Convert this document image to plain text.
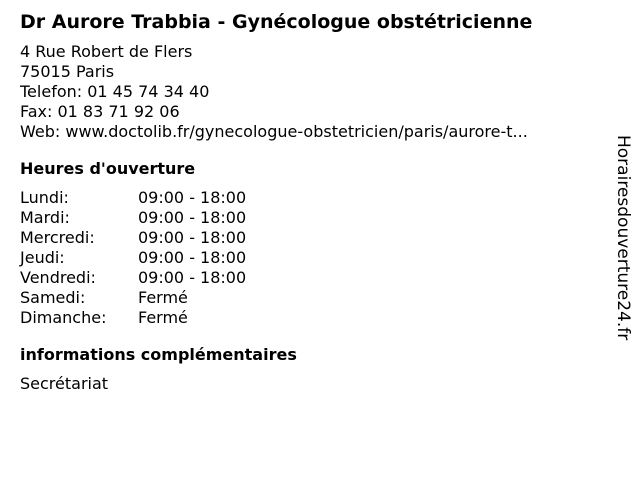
Dr Aurore Trabbia - Gynécologue obstétricienne
4 Rue Robert de Flers
75015 Paris
Telefon: 01 45 74 34 40
Fax: 01 83 71 92 06
Web: www.doctolib.fr/gynecologue-obstetricien/paris/aurore-t...
Heures d'ouverture
Lundi:	09:00 - 18:00
Mardi:	09:00 - 18:00
Mercredi:	09:00 - 18:00
Jeudi:	09:00 - 18:00
Vendredi:	09:00 - 18:00
Samedi:	Fermé
Dimanche:	Fermé
informations complémentaires
Secrétariat
Horairesdouverture24.fr
